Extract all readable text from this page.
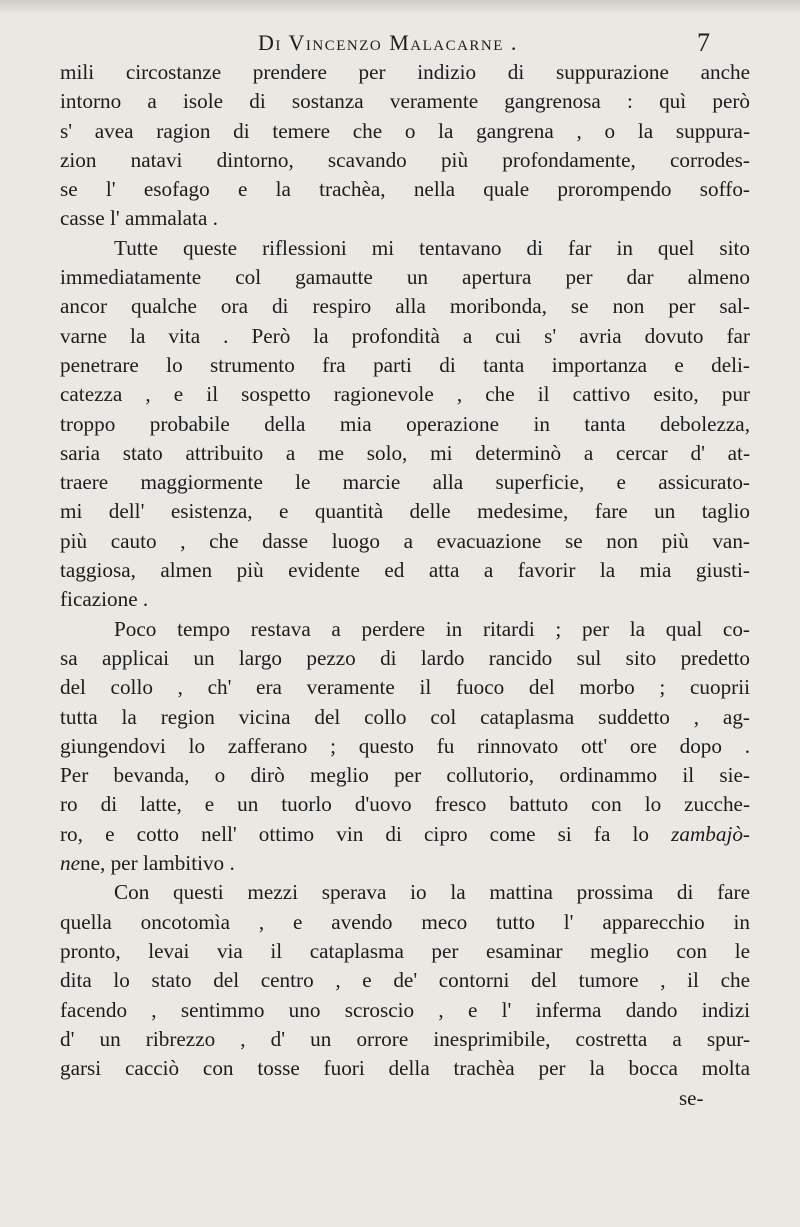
Di Vincenzo Malacarne .	7
mili circostanze prendere per indizio di suppurazione anche
intorno a isole di sostanza veramente gangrenosa : quì però
s' avea ragion di temere che o la gangrena , o la suppura-
zion natavi dintorno, scavando più profondamente, corrodes-
se l' esofago e la trachèa, nella quale prorompendo soffo-
casse l' ammalata .
Tutte queste riflessioni mi tentavano di far in quel sito
immediatamente col gamautte un apertura per dar almeno
ancor qualche ora di respiro alla moribonda, se non per sal-
varne la vita . Però la profondità a cui s' avria dovuto far
penetrare lo strumento fra parti di tanta importanza e deli-
catezza , e il sospetto ragionevole , che il cattivo esito, pur
troppo probabile della mia operazione in tanta debolezza,
saria stato attribuito a me solo, mi determinò a cercar d' at-
traere maggiormente le marcie alla superficie, e assicurato-
mi dell' esistenza, e quantità delle medesime, fare un taglio
più cauto , che dasse luogo a evacuazione se non più van-
taggiosa, almen più evidente ed atta a favorir la mia giusti-
ficazione .
Poco tempo restava a perdere in ritardi ; per la qual co-
sa applicai un largo pezzo di lardo rancido sul sito predetto
del collo , ch' era veramente il fuoco del morbo ; cuoprii
tutta la region vicina del collo col cataplasma suddetto , ag-
giungendovi lo zafferano ; questo fu rinnovato ott' ore dopo .
Per bevanda, o dirò meglio per collutorio, ordinammo il sie-
ro di latte, e un tuorlo d'uovo fresco battuto con lo zucche-
ro, e cotto nell' ottimo vin di cipro come si fa lo zambajò-
nene, per lambitivo .
Con questi mezzi sperava io la mattina prossima di fare
quella oncotomìa , e avendo meco tutto l' apparecchio in
pronto, levai via il cataplasma per esaminar meglio con le
dita lo stato del centro , e de' contorni del tumore , il che
facendo , sentimmo uno scroscio , e l' inferma dando indizi
d' un ribrezzo , d' un orrore inesprimibile, costretta a spur-
garsi cacciò con tosse fuori della trachèa per la bocca molta
se-
